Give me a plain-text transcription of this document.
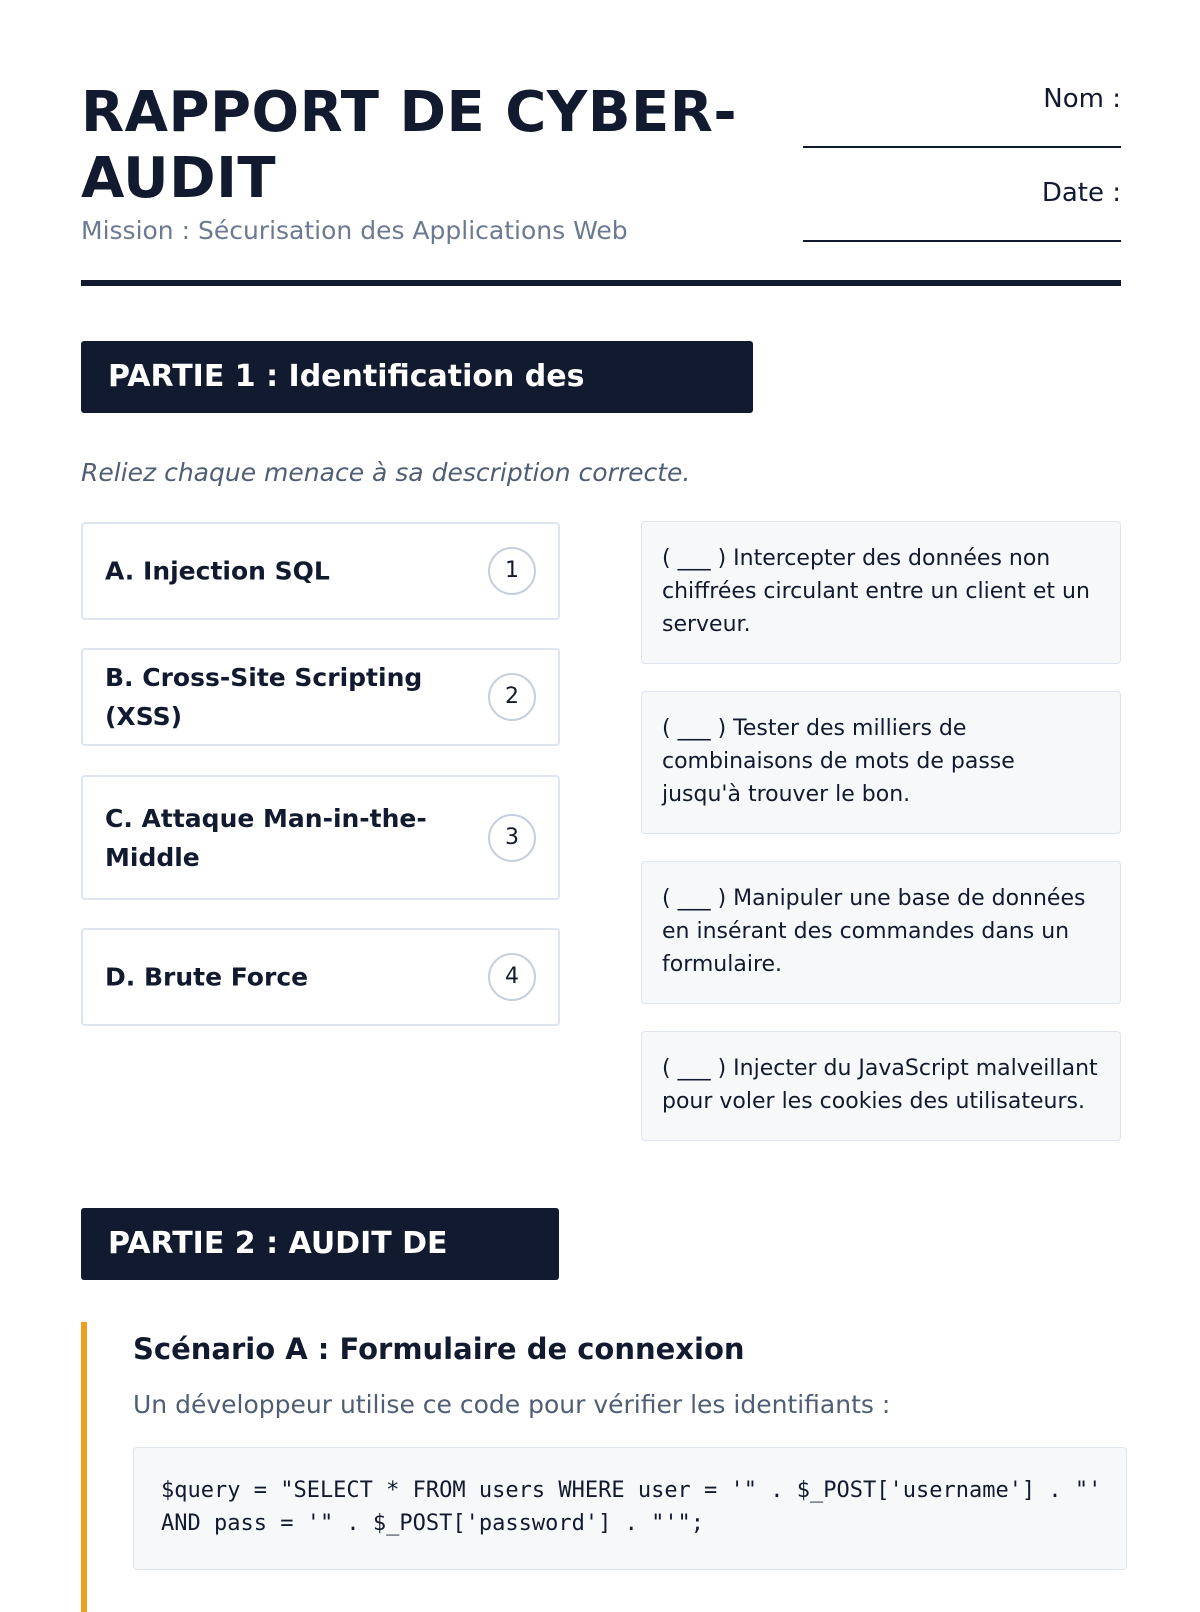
RAPPORT DE CYBER-AUDIT
Mission : Sécurisation des Applications Web
Nom :
Date :
PARTIE 1 : Identification des menaces
Reliez chaque menace à sa description correcte.
A. Injection SQL	1
B. Cross-Site Scripting (XSS)
2
C. Attaque Man-in-the-Middle
3
D. Brute Force	4
( ___ ) Intercepter des données non chiffrées circulant entre un client et un serveur.
( ___ ) Tester des milliers de combinaisons de mots de passe jusqu'à trouver le bon.
( ___ ) Manipuler une base de données en insérant des commandes dans un formulaire.
( ___ ) Injecter du JavaScript malveillant pour voler les cookies des utilisateurs.
PARTIE 2 : AUDIT DE CODE
Scénario A : Formulaire de connexion
Un développeur utilise ce code pour vérifier les identifiants :
$query = "SELECT * FROM users WHERE user = '" . $_POST['username'] . "' AND pass = '" . $_POST['password'] . "'";
